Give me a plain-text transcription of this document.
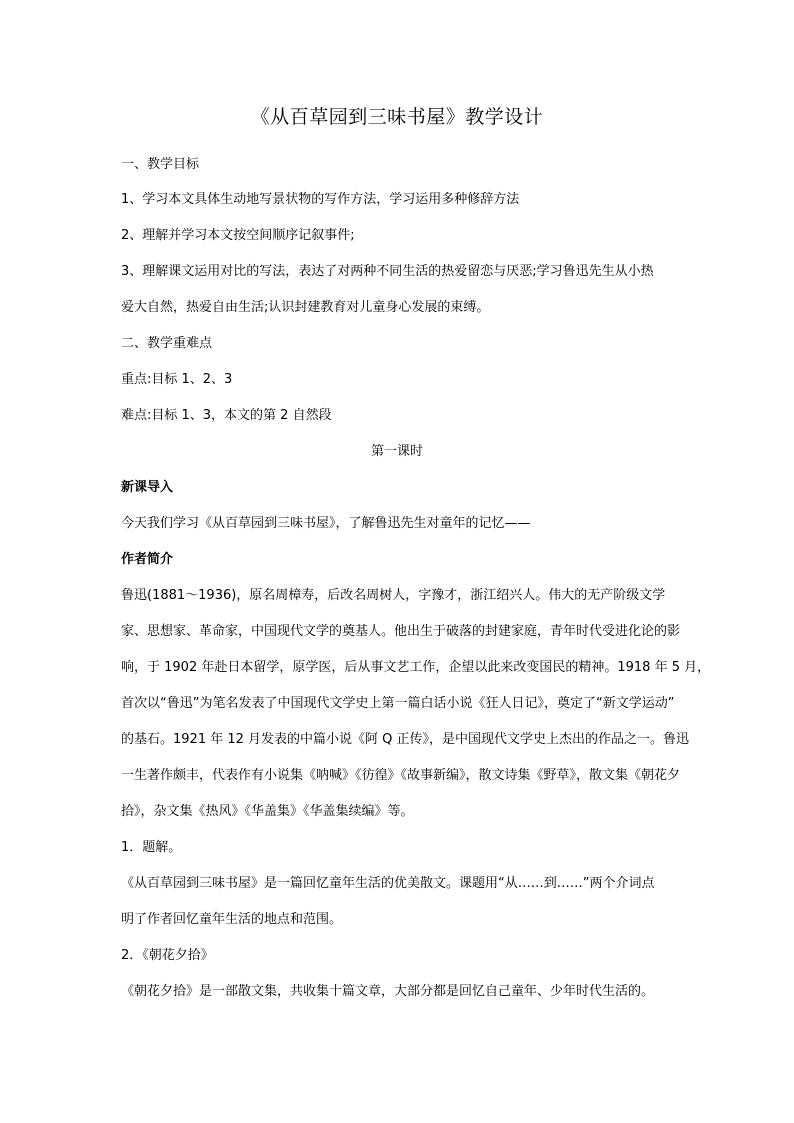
《从百草园到三味书屋》教学设计
一、教学目标
1、学习本文具体生动地写景状物的写作方法，学习运用多种修辞方法
2、理解并学习本文按空间顺序记叙事件;
3、理解课文运用对比的写法，表达了对两种不同生活的热爱留恋与厌恶;学习鲁迅先生从小热
爱大自然，热爱自由生活;认识封建教育对儿童身心发展的束缚。
二、教学重难点
重点:目标 1、2、3
难点:目标 1、3，本文的第 2 自然段
第一课时
新课导入
今天我们学习《从百草园到三味书屋》，了解鲁迅先生对童年的记忆——
作者简介
鲁迅(1881～1936)，原名周樟寿，后改名周树人，字豫才，浙江绍兴人。伟大的无产阶级文学
家、思想家、革命家，中国现代文学的奠基人。他出生于破落的封建家庭，青年时代受进化论的影
响，于 1902 年赴日本留学，原学医，后从事文艺工作，企望以此来改变国民的精神。1918 年 5 月，
首次以“鲁迅”为笔名发表了中国现代文学史上第一篇白话小说《狂人日记》，奠定了“新文学运动”
的基石。1921 年 12 月发表的中篇小说《阿 Q 正传》，是中国现代文学史上杰出的作品之一。鲁迅
一生著作颇丰，代表作有小说集《呐喊》《彷徨》《故事新编》，散文诗集《野草》，散文集《朝花夕
拾》，杂文集《热风》《华盖集》《华盖集续编》等。
1．题解。
《从百草园到三味书屋》是一篇回忆童年生活的优美散文。课题用“从……到……”两个介词点
明了作者回忆童年生活的地点和范围。
2．《朝花夕拾》
《朝花夕拾》是一部散文集，共收集十篇文章，大部分都是回忆自己童年、少年时代生活的。
